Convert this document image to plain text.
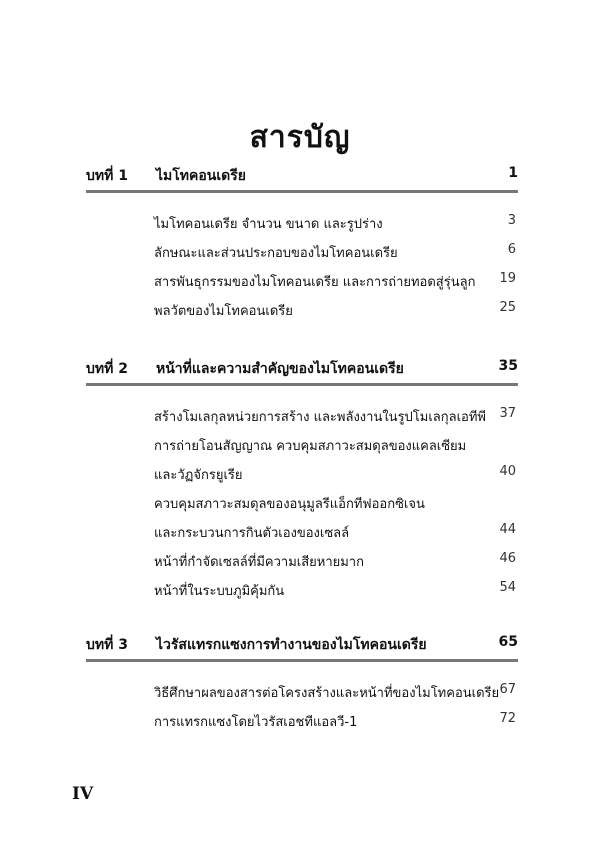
สารบัญ
บทที่ 1 ไมโทคอนเดรีย	1
ไมโทคอนเดรีย จำนวน ขนาด และรูปร่าง	3
ลักษณะและส่วนประกอบของไมโทคอนเดรีย	6
สารพันธุกรรมของไมโทคอนเดรีย และการถ่ายทอดสู่รุ่นลูก 19
พลวัตของไมโทคอนเดรีย	25
บทที่ 2 หน้าที่และความสำคัญของไมโทคอนเดรีย	35
สร้างโมเลกุลหน่วยการสร้าง และพลังงานในรูปโมเลกุลเอทีพี 37
การถ่ายโอนสัญญาณ ควบคุมสภาวะสมดุลของแคลเซียม
และวัฏจักรยูเรีย	40
ควบคุมสภาวะสมดุลของอนุมูลรีแอ็กทีฟออกซิเจน
และกระบวนการกินตัวเองของเซลล์	44
หน้าที่กำจัดเซลล์ที่มีความเสียหายมาก	46
หน้าที่ในระบบภูมิคุ้มกัน	54
บทที่ 3 ไวรัสแทรกแซงการทำงานของไมโทคอนเดรีย	65
วิธีศึกษาผลของสารต่อโครงสร้างและหน้าที่ของไมโทคอนเดรีย 67
การแทรกแซงโดยไวรัสเอชทีแอลวี-1	72
IV
